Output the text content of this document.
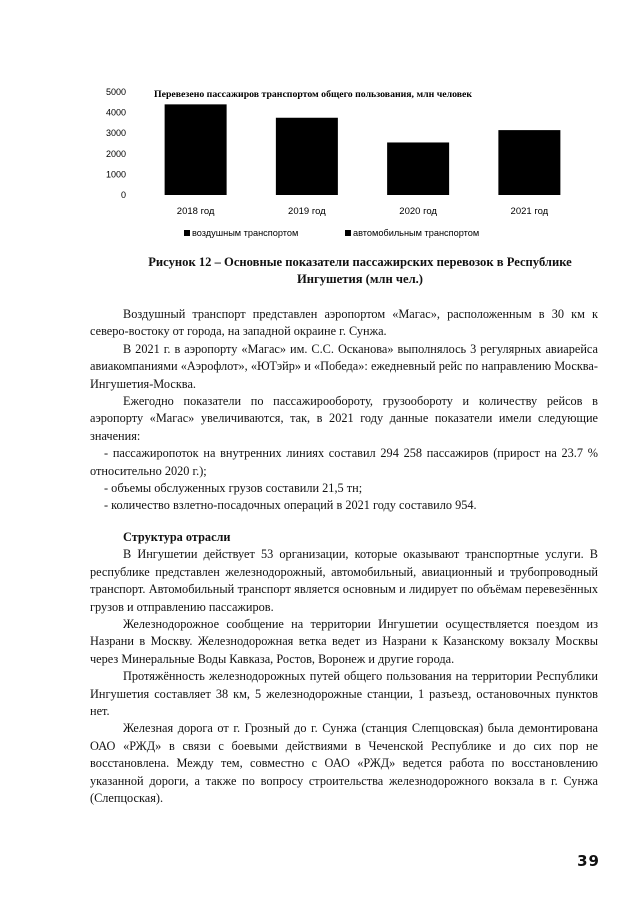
Перевезено пассажиров транспортом общего пользования, млн человек
5000
4000
3000
2000
1000
0
2018 год	2019 год	2020 год	2021 год
воздушным транспортом	автомобильным транспортом
Рисунок 12 – Основные показатели пассажирских перевозок в Республике
Ингушетия (млн чел.)

Воздушный транспорт представлен аэропортом «Магас», расположенным в 30 км к северо-востоку от города, на западной окраине г. Сунжа.

В 2021 г. в аэропорту «Магас» им. С.С. Осканова» выполнялось 3 регулярных авиарейса авиакомпаниями «Аэрофлот», «ЮТэйр» и «Победа»: ежедневный рейс по направлению Москва-Ингушетия-Москва.

Ежегодно показатели по пассажирообороту, грузообороту и количеству рейсов в аэропорту «Магас» увеличиваются, так, в 2021 году данные показатели имели следующие значения:

- пассажиропоток на внутренних линиях составил 294 258 пассажиров (прирост на 23.7 % относительно 2020 г.);

- объемы обслуженных грузов составили 21,5 тн;

- количество взлетно-посадочных операций в 2021 году составило 954.

Структура отрасли

В Ингушетии действует 53 организации, которые оказывают транспортные услуги. В республике представлен железнодорожный, автомобильный, авиационный и трубопроводный транспорт. Автомобильный транспорт является основным и лидирует по объёмам перевезённых грузов и отправлению пассажиров.

Железнодорожное сообщение на территории Ингушетии осуществляется поездом из Назрани в Москву. Железнодорожная ветка ведет из Назрани к Казанскому вокзалу Москвы через Минеральные Воды Кавказа, Ростов, Воронеж и другие города.

Протяжённость железнодорожных путей общего пользования на территории Республики Ингушетия составляет 38 км, 5 железнодорожные станции, 1 разъезд, остановочных пунктов нет.

Железная дорога от г. Грозный до г. Сунжа (станция Слепцовская) была демонтирована ОАО «РЖД» в связи с боевыми действиями в Чеченской Республике и до сих пор не восстановлена. Между тем, совместно с ОАО «РЖД» ведется работа по восстановлению указанной дороги, а также по вопросу строительства железнодорожного вокзала в г. Сунжа (Слепцоская).

39
